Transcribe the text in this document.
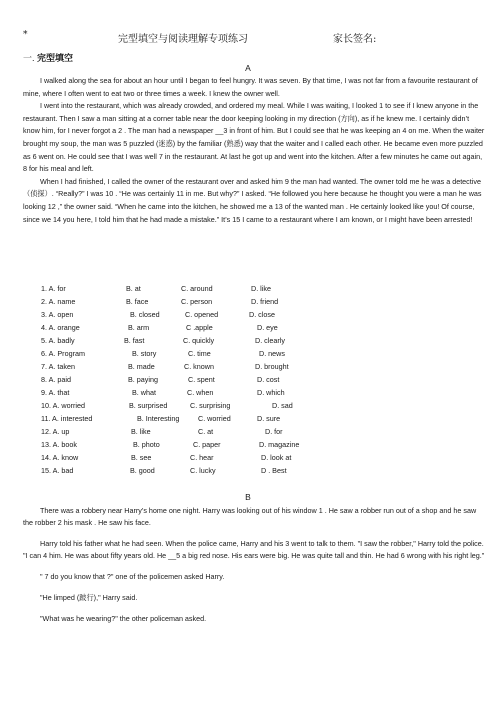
*	完型填空与阅读理解专项练习	家长签名:
一. 完型填空
A

I walked along the sea for about an hour until I began to feel hungry. It was seven. By that time, I was not far from a favourite restaurant of mine, where I often went to eat two or three times a week. I knew the owner well.

I went into the restaurant, which was already crowded, and ordered my meal. While I was waiting, I looked 1 to see if I knew anyone in the restaurant. Then I saw a man sitting at a corner table near the door keeping looking in my direction (方向), as if he knew me. I certainly didn’t know him, for I never forgot a 2 . The man had a newspaper __3 in front of him. But I could see that he was keeping an 4 on me. When the waiter brought my soup, the man was 5 puzzled (迷惑) by the familiar (熟悉) way that the waiter and I called each other. He became even more puzzled as 6 went on. He could see that I was well 7 in the restaurant. At last he got up and went into the kitchen. After a few minutes he came out again, 8 for his meal and left.

When I had finished, I called the owner of the restaurant over and asked him 9 the man had wanted. The owner told me he was a detective（侦探）. “Really?” I was 10 . “He was certainly 11 in me. But why?” I asked. “He followed you here because he thought you were a man he was looking 12 ,” the owner said. “When he came into the kitchen, he showed me a 13 of the wanted man . He certainly looked like you! Of course, since we 14 you here, I told him that he had made a mistake.” It’s 15 I came to a restaurant where I am known, or I might have been arrested!

1. A. for	B. at	C. around	D. like
2. A. name	B. face	C. person	D. friend
3. A. open	B. closed	C. opened	D. close
4. A. orange	B. arm	C .apple	D. eye
5. A. badly	B. fast	C. quickly	D. clearly
6. A. Program	B. story	C. time	D. news
7. A. taken	B. made	C. known	D. brought
8. A. paid	B. paying	C. spent	D. cost
9. A. that	B. what	C. when	D. which
10. A. worried	B. surprised	C. surprising	D. sad
11. A. interested	B. Interesting	C. worried	D. sure
12. A. up	B. like	C. at	D. for
13. A. book	B. photo	C. paper	D. magazine
14. A. know	B. see	C. hear	D. look at
15. A. bad	B. good	C. lucky	D . Best
B

There was a robbery near Harry’s home one night. Harry was looking out of his window 1 . He saw a robber run out of a shop and he saw the robber 2 his mask . He saw his face.

Harry told his father what he had seen. When the police came, Harry and his 3 went to talk to them. "I saw the robber," Harry told the police. "I can 4 him. He was about fifty years old. He __5 a big red nose. His ears were big. He was quite tall and thin. He had 6 wrong with his right leg."

" 7 do you know that ?" one of the policemen asked Harry.

"He limped (跛行)," Harry said.

"What was he wearing?" the other policeman asked.
